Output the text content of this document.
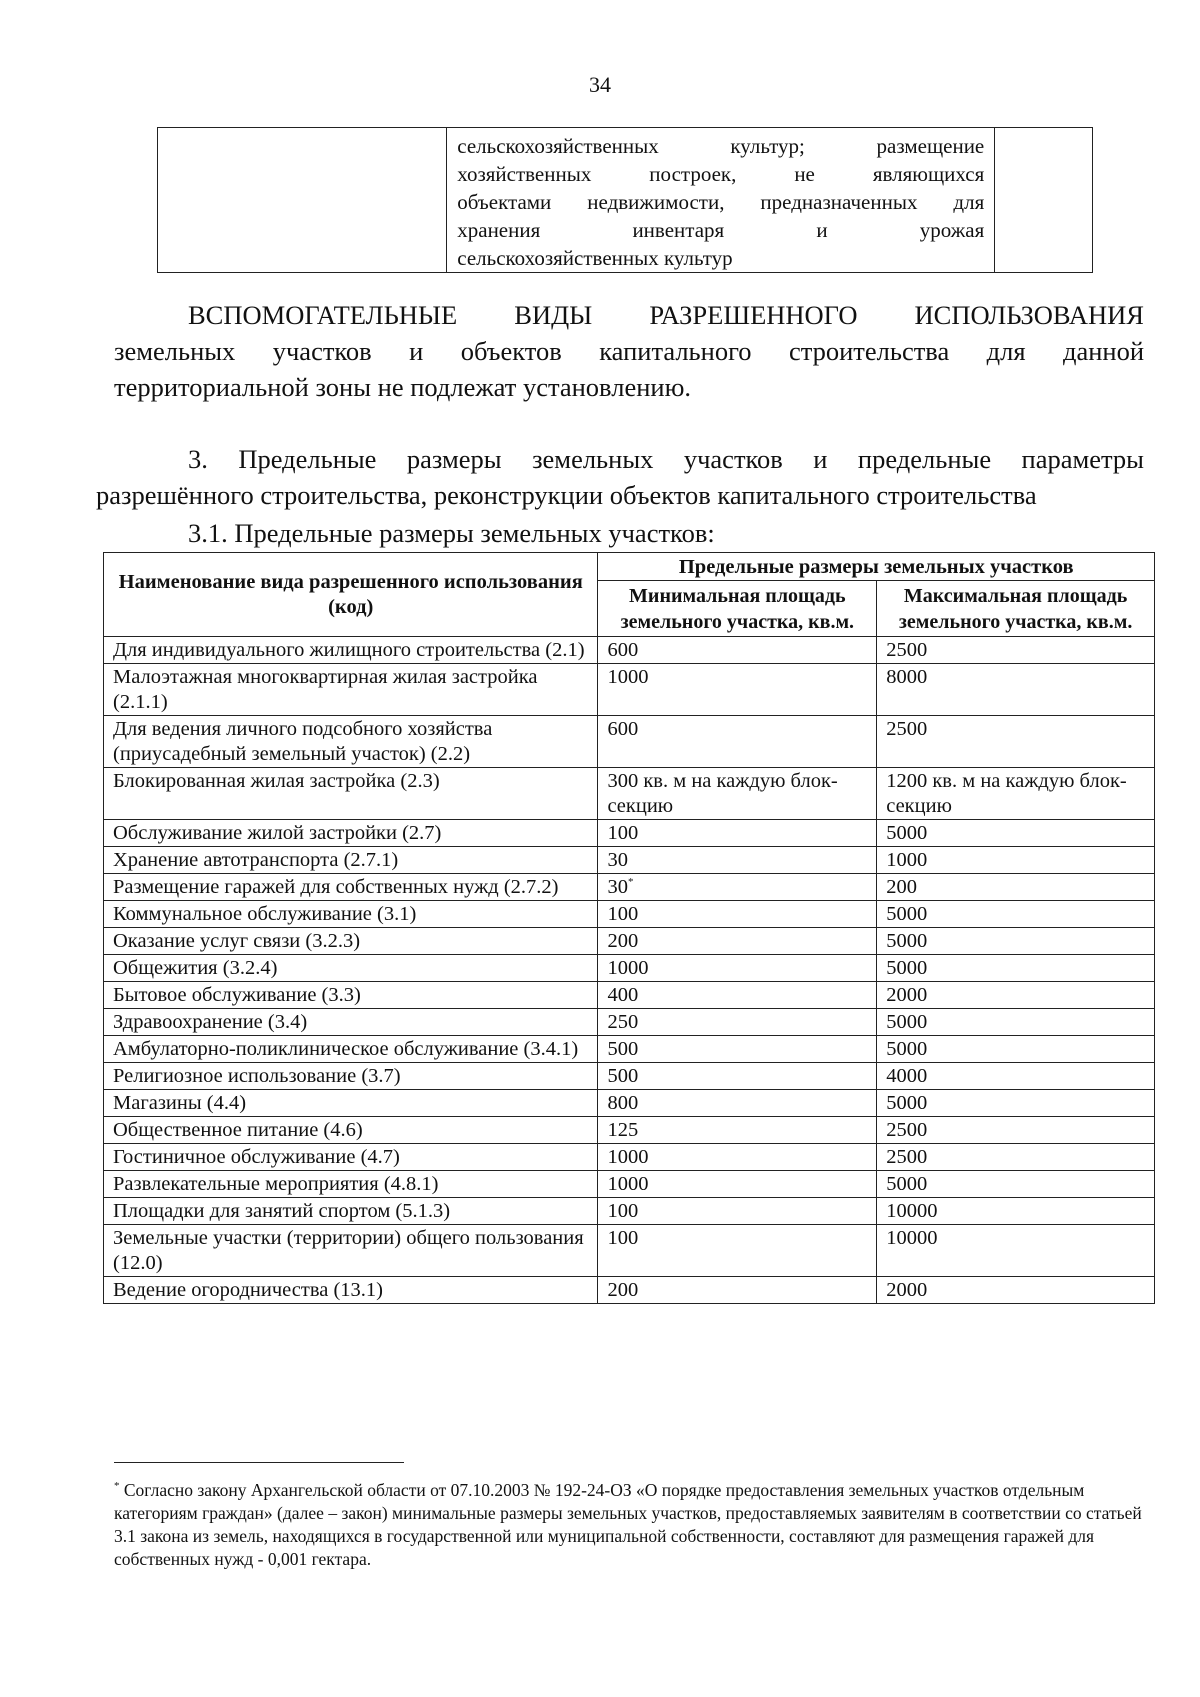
34

сельскохозяйственных культур; размещение
хозяйственных построек, не являющихся
объектами недвижимости, предназначенных для
хранения инвентаря и урожая
сельскохозяйственных культур

ВСПОМОГАТЕЛЬНЫЕ ВИДЫ РАЗРЕШЕННОГО ИСПОЛЬЗОВАНИЯ
земельных участков и объектов капитального строительства для данной
территориальной зоны не подлежат установлению.
3. Предельные размеры земельных участков и предельные параметры
разрешённого строительства, реконструкции объектов капитального строительства
3.1. Предельные размеры земельных участков:
Наименование вида разрешенного использования (код)	Предельные размеры земельных участков	
	Минимальная площадь земельного участка, кв.м.	Максимальная площадь земельного участка, кв.м.
Для индивидуального жилищного строительства (2.1)	600	2500
Малоэтажная многоквартирная жилая застройка (2.1.1)	1000	8000
Для ведения личного подсобного хозяйства (приусадебный земельный участок) (2.2)	600	2500
Блокированная жилая застройка (2.3)	300 кв. м на каждую блок-секцию	1200 кв. м на каждую блок-секцию
Обслуживание жилой застройки (2.7)	100	5000
Хранение автотранспорта (2.7.1)	30	1000
Размещение гаражей для собственных нужд (2.7.2)	30*	200
Коммунальное обслуживание (3.1)	100	5000
Оказание услуг связи (3.2.3)	200	5000
Общежития (3.2.4)	1000	5000
Бытовое обслуживание (3.3)	400	2000
Здравоохранение (3.4)	250	5000
Амбулаторно-поликлиническое обслуживание (3.4.1)	500	5000
Религиозное использование (3.7)	500	4000
Магазины (4.4)	800	5000
Общественное питание (4.6)	125	2500
Гостиничное обслуживание (4.7)	1000	2500
Развлекательные мероприятия (4.8.1)	1000	5000
Площадки для занятий спортом (5.1.3)	100	10000
Земельные участки (территории) общего пользования (12.0)	100	10000
Ведение огородничества (13.1)	200	2000
* Согласно закону Архангельской области от 07.10.2003 № 192-24-ОЗ «О порядке предоставления земельных участков отдельным категориям граждан» (далее – закон) минимальные размеры земельных участков, предоставляемых заявителям в соответствии со статьей 3.1 закона из земель, находящихся в государственной или муниципальной собственности, составляют для размещения гаражей для собственных нужд - 0,001 гектара.
